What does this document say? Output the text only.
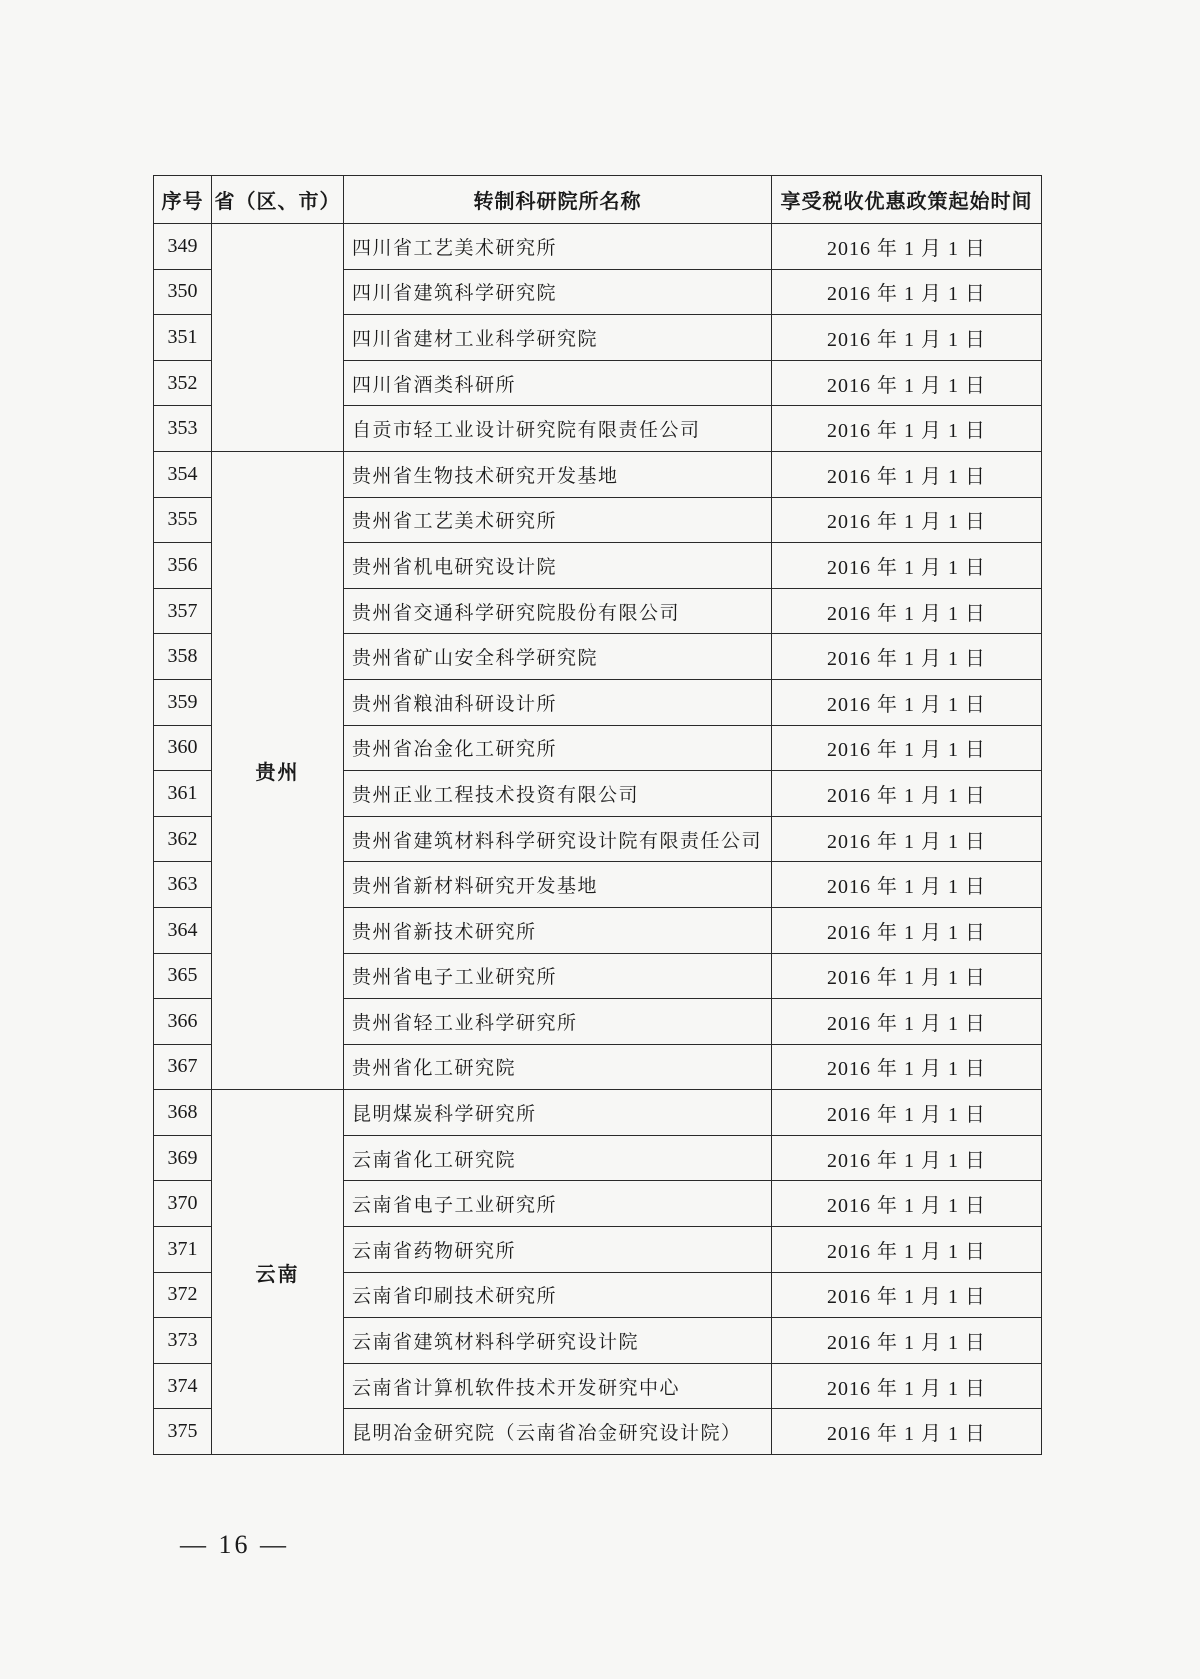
序号	省（区、市）	转制科研院所名称	享受税收优惠政策起始时间
349		四川省工艺美术研究所	2016 年 1 月 1 日
350		四川省建筑科学研究院	2016 年 1 月 1 日
351		四川省建材工业科学研究院	2016 年 1 月 1 日
352		四川省酒类科研所	2016 年 1 月 1 日
353		自贡市轻工业设计研究院有限责任公司	2016 年 1 月 1 日
354	贵州	贵州省生物技术研究开发基地	2016 年 1 月 1 日
355		贵州省工艺美术研究所	2016 年 1 月 1 日
356		贵州省机电研究设计院	2016 年 1 月 1 日
357		贵州省交通科学研究院股份有限公司	2016 年 1 月 1 日
358		贵州省矿山安全科学研究院	2016 年 1 月 1 日
359		贵州省粮油科研设计所	2016 年 1 月 1 日
360		贵州省冶金化工研究所	2016 年 1 月 1 日
361		贵州正业工程技术投资有限公司	2016 年 1 月 1 日
362		贵州省建筑材料科学研究设计院有限责任公司	2016 年 1 月 1 日
363		贵州省新材料研究开发基地	2016 年 1 月 1 日
364		贵州省新技术研究所	2016 年 1 月 1 日
365		贵州省电子工业研究所	2016 年 1 月 1 日
366		贵州省轻工业科学研究所	2016 年 1 月 1 日
367		贵州省化工研究院	2016 年 1 月 1 日
368	云南	昆明煤炭科学研究所	2016 年 1 月 1 日
369		云南省化工研究院	2016 年 1 月 1 日
370		云南省电子工业研究所	2016 年 1 月 1 日
371		云南省药物研究所	2016 年 1 月 1 日
372		云南省印刷技术研究所	2016 年 1 月 1 日
373		云南省建筑材料科学研究设计院	2016 年 1 月 1 日
374		云南省计算机软件技术开发研究中心	2016 年 1 月 1 日
375		昆明冶金研究院（云南省冶金研究设计院）	2016 年 1 月 1 日
— 16 —
